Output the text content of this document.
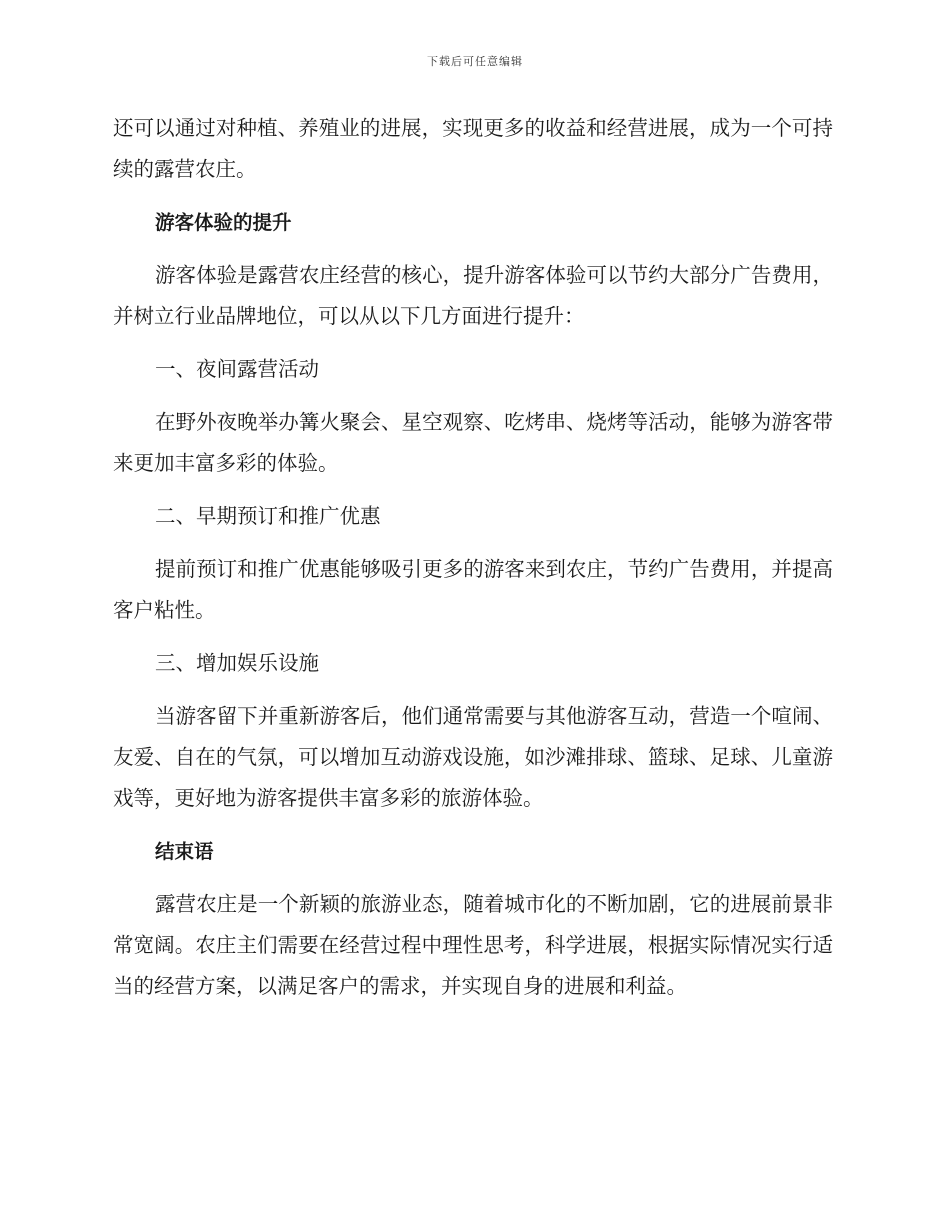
下载后可任意编辑

还可以通过对种植、养殖业的进展，实现更多的收益和经营进展，成为一个可持续的露营农庄。

游客体验的提升

游客体验是露营农庄经营的核心，提升游客体验可以节约大部分广告费用，并树立行业品牌地位，可以从以下几方面进行提升：

一、夜间露营活动

在野外夜晚举办篝火聚会、星空观察、吃烤串、烧烤等活动，能够为游客带来更加丰富多彩的体验。

二、早期预订和推广优惠

提前预订和推广优惠能够吸引更多的游客来到农庄，节约广告费用，并提高客户粘性。

三、增加娱乐设施

当游客留下并重新游客后，他们通常需要与其他游客互动，营造一个喧闹、友爱、自在的气氛，可以增加互动游戏设施，如沙滩排球、篮球、足球、儿童游戏等，更好地为游客提供丰富多彩的旅游体验。

结束语

露营农庄是一个新颖的旅游业态，随着城市化的不断加剧，它的进展前景非常宽阔。农庄主们需要在经营过程中理性思考，科学进展，根据实际情况实行适当的经营方案，以满足客户的需求，并实现自身的进展和利益。
